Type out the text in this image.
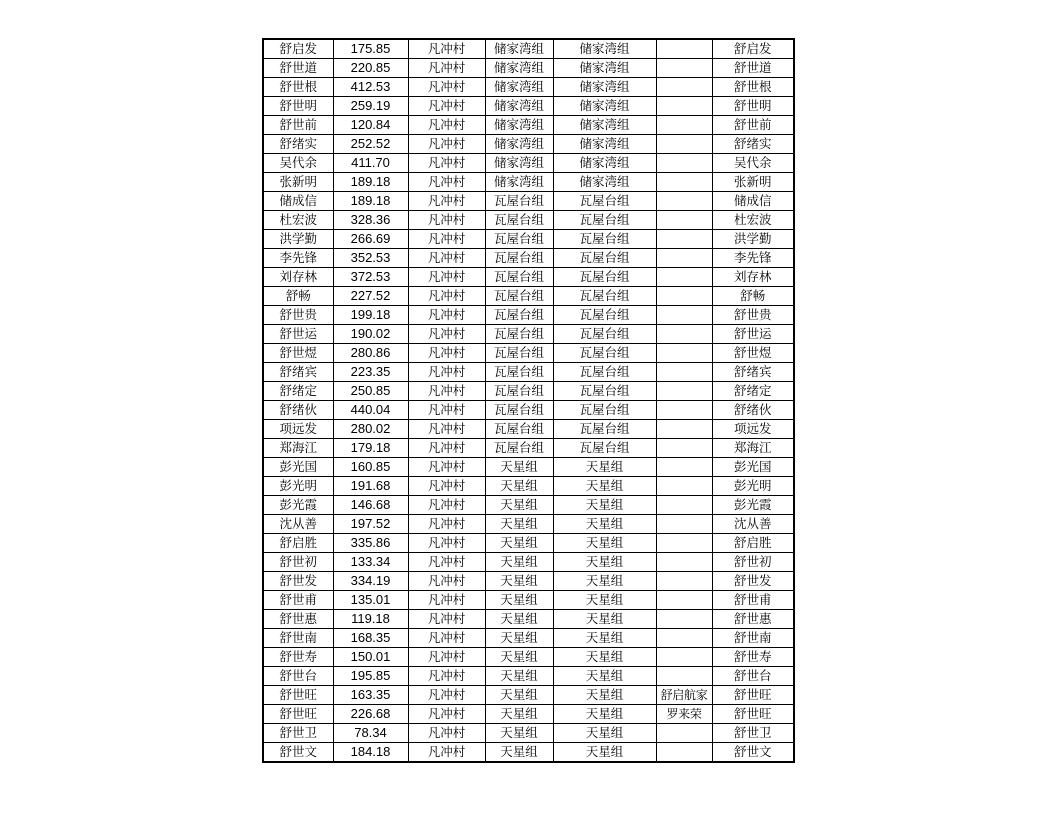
舒启发	175.85	凡冲村	储家湾组	储家湾组		舒启发
舒世道	220.85	凡冲村	储家湾组	储家湾组		舒世道
舒世根	412.53	凡冲村	储家湾组	储家湾组		舒世根
舒世明	259.19	凡冲村	储家湾组	储家湾组		舒世明
舒世前	120.84	凡冲村	储家湾组	储家湾组		舒世前
舒绪实	252.52	凡冲村	储家湾组	储家湾组		舒绪实
吴代余	411.70	凡冲村	储家湾组	储家湾组		吴代余
张新明	189.18	凡冲村	储家湾组	储家湾组		张新明
储成信	189.18	凡冲村	瓦屋台组	瓦屋台组		储成信
杜宏波	328.36	凡冲村	瓦屋台组	瓦屋台组		杜宏波
洪学勤	266.69	凡冲村	瓦屋台组	瓦屋台组		洪学勤
李先锋	352.53	凡冲村	瓦屋台组	瓦屋台组		李先锋
刘存林	372.53	凡冲村	瓦屋台组	瓦屋台组		刘存林
舒畅	227.52	凡冲村	瓦屋台组	瓦屋台组		舒畅
舒世贵	199.18	凡冲村	瓦屋台组	瓦屋台组		舒世贵
舒世运	190.02	凡冲村	瓦屋台组	瓦屋台组		舒世运
舒世煜	280.86	凡冲村	瓦屋台组	瓦屋台组		舒世煜
舒绪宾	223.35	凡冲村	瓦屋台组	瓦屋台组		舒绪宾
舒绪定	250.85	凡冲村	瓦屋台组	瓦屋台组		舒绪定
舒绪伙	440.04	凡冲村	瓦屋台组	瓦屋台组		舒绪伙
项远发	280.02	凡冲村	瓦屋台组	瓦屋台组		项远发
郑海江	179.18	凡冲村	瓦屋台组	瓦屋台组		郑海江
彭光国	160.85	凡冲村	天星组	天星组		彭光国
彭光明	191.68	凡冲村	天星组	天星组		彭光明
彭光霞	146.68	凡冲村	天星组	天星组		彭光霞
沈从善	197.52	凡冲村	天星组	天星组		沈从善
舒启胜	335.86	凡冲村	天星组	天星组		舒启胜
舒世初	133.34	凡冲村	天星组	天星组		舒世初
舒世发	334.19	凡冲村	天星组	天星组		舒世发
舒世甫	135.01	凡冲村	天星组	天星组		舒世甫
舒世惠	119.18	凡冲村	天星组	天星组		舒世惠
舒世南	168.35	凡冲村	天星组	天星组		舒世南
舒世寿	150.01	凡冲村	天星组	天星组		舒世寿
舒世台	195.85	凡冲村	天星组	天星组		舒世台
舒世旺	163.35	凡冲村	天星组	天星组	舒启航家	舒世旺
舒世旺	226.68	凡冲村	天星组	天星组	罗来荣	舒世旺
舒世卫	78.34	凡冲村	天星组	天星组		舒世卫
舒世文	184.18	凡冲村	天星组	天星组		舒世文
